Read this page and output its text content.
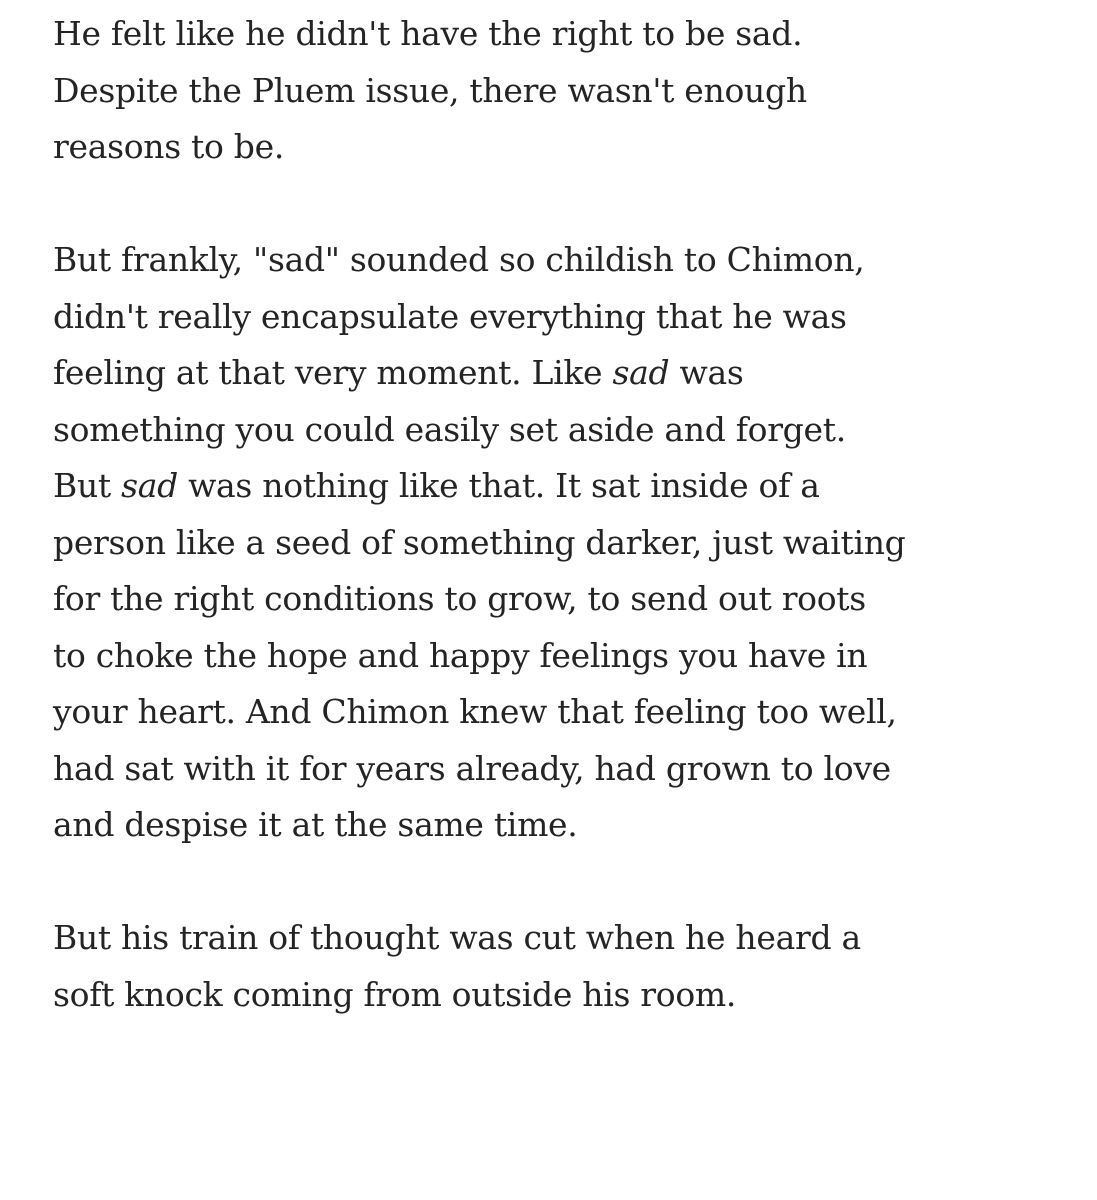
He felt like he didn't have the right to be sad.
Despite the Pluem issue, there wasn't enough
reasons to be.

But frankly, "sad" sounded so childish to Chimon,
didn't really encapsulate everything that he was
feeling at that very moment. Like sad was
something you could easily set aside and forget.
But sad was nothing like that. It sat inside of a
person like a seed of something darker, just waiting
for the right conditions to grow, to send out roots
to choke the hope and happy feelings you have in
your heart. And Chimon knew that feeling too well,
had sat with it for years already, had grown to love
and despise it at the same time.

But his train of thought was cut when he heard a
soft knock coming from outside his room.
